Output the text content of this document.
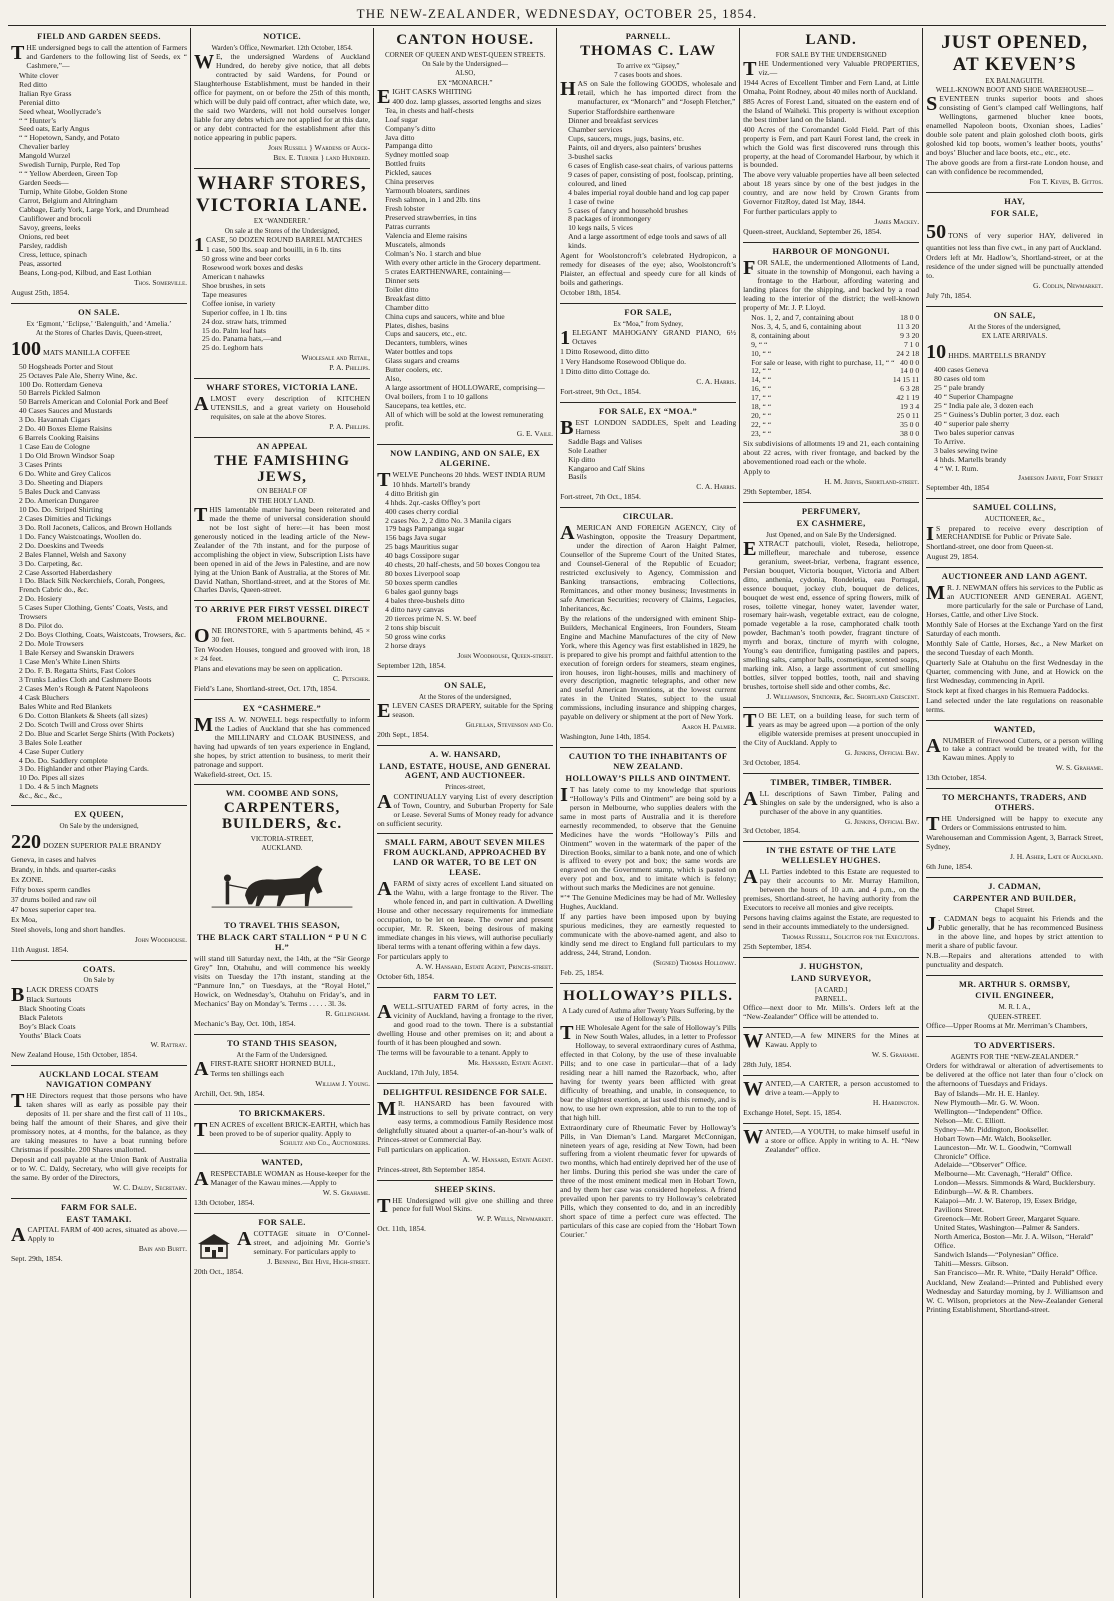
THE NEW-ZEALANDER, WEDNESDAY, OCTOBER 25, 1854.
FIELD AND GARDEN SEEDS.
THE undersigned begs to call the attention of Farmers and Gardeners to the following list of Seeds, ex “ Cashmere,”—
White clover
Red ditto
Italian Rye Grass
Perenial ditto
Seed wheat, Woollycrade’s
“ “ Hunter’s
Seed oats, Early Angus
“ “ Hopetown, Sandy, and Potato
Chevalier barley
Mangold Wurzel
Swedish Turnip, Purple, Red Top
“ “ Yellow Aberdeen, Green Top
Garden Seeds—
Turnip, White Globe, Golden Stone
Carrot, Belgium and Altringham
Cabbage, Early York, Large York, and Drumhead
Cauliflower and brocoli
Savoy, greens, leeks
Onions, red beet
Parsley, raddish
Cress, lettuce, spinach
Peas, assorted
Beans, Long-pod, Kilbud, and East Lothian
Thos. Somerville.
August 25th, 1854.
ON SALE.
Ex ‘Egmont,’ ‘Eclipse,’ ‘Balenguith,’ and ‘Amelia.’
At the Stores of Charles Davis, Queen-street,
100 MATS MANILLA COFFEE
50 Hogsheads Porter and Stout
25 Octaves Pale Ale, Sherry Wine, &c.
100 Do. Rotterdam Geneva
50 Barrels Pickled Salmon
50 Barrels American and Colonial Pork and Beef
40 Cases Sauces and Mustards
3 Do. Havannah Cigars
2 Do. 40 Boxes Eleme Raisins
6 Barrels Cooking Raisins
1 Case Eau de Cologne
1 Do Old Brown Windsor Soap
3 Cases Prints
6 Do. White and Grey Calicos
3 Do. Sheeting and Diapers
5 Bales Duck and Canvass
2 Do. American Dungaree
10 Do. Do. Striped Shirting
2 Cases Dimities and Tickings
3 Do. Roll Jaconets, Calicos, and Brown Hollands
1 Do. Fancy Waistcoatings, Woollen do.
2 Do. Doeskins and Tweeds
2 Bales Flannel, Welsh and Saxony
3 Do. Carpeting, &c.
2 Case Assorted Haberdashery
1 Do. Black Silk Neckerchiefs, Corah, Pongees, French Cabric do., &c.
2 Do. Hosiery
5 Cases Super Clothing, Gents’ Coats, Vests, and Trowsers
8 Do. Pilot do.
2 Do. Boys Clothing, Coats, Waistcoats, Trowsers, &c.
2 Do. Mole Trowsers
1 Bale Kersey and Swanskin Drawers
1 Case Men’s White Linen Shirts
2 Do. F. B. Regatta Shirts, Fast Colors
3 Trunks Ladies Cloth and Cashmere Boots
2 Cases Men’s Rough & Patent Napoleons
4 Cask Bluchers
Bales White and Red Blankets
6 Do. Cotton Blankets & Sheets (all sizes)
2 Do. Scotch Twill and Cross over Shirts
2 Do. Blue and Scarlet Serge Shirts (With Pockets)
3 Bales Sole Leather
4 Case Super Cutlery
4 Do. Do. Saddlery complete
3 Do. Highlander and other Playing Cards.
10 Do. Pipes all sizes
1 Do. 4 & 5 inch Magnets
&c., &c., &c.,
EX QUEEN,
On Sale by the undersigned,
220 DOZEN SUPERIOR PALE BRANDY
Geneva, in cases and halves
Brandy, in hhds. and quarter-casks
Ex ZONE.
Fifty boxes sperm candles
37 drums boiled and raw oil
47 boxes superior caper tea.
Ex Moa,
Steel shovels, long and short handles.
John Woodhouse.
11th August. 1854.
COATS.
On Sale by
BLACK DRESS COATS
Black Surtouts
Black Shooting Coats
Black Paletots
Boy’s Black Coats
Youths’ Black Coats
W. Rattray.
New Zealand House, 15th October, 1854.
AUCKLAND LOCAL STEAM NAVIGATION COMPANY
THE Directors request that those persons who have taken shares will as early as possible pay their deposits of 1l. per share and the first call of 1l 10s., being half the amount of their Shares, and give their promissory notes, at 4 months, for the balance, as they are taking measures to have a boat running before Christmas if possible. 200 Shares unallotted.
Deposit and call payable at the Union Bank of Australia or to W. C. Daldy, Secretary, who will give receipts for the same. By order of the Directors,
W. C. Daldy, Secretary.
FARM FOR SALE.
EAST TAMAKI.
ACAPITAL FARM of 400 acres, situated as above.—Apply to
Bain and Burtt.
Sept. 29th, 1854.
NOTICE.
Warden’s Office, Newmarket. 12th October, 1854.
W E, the undersigned Wardens of Auckland Hundred, do hereby give notice, that all debts contracted by said Wardens, for Pound or Slaughterhouse Establishment, must be handed in their office for payment, on or before the 25th of this month, which will be duly paid off contract, after which date, we, the said two Wardens, will not hold ourselves longer liable for any debts which are not applied for at this date, or any debt contracted for the establishment after this notice appearing in public papers.
John Russell } Wardens of Auck-
Ben. E. Turner } land Hundred.
WHARF STORES,
VICTORIA LANE.
EX ‘WANDERER.’
On sale at the Stores of the Undersigned,
1 CASE, 50 DOZEN ROUND BARREL MATCHES
1 case, 500 lbs. soap and bouilli, in 6 lb. tins
50 gross wine and beer corks
Rosewood work boxes and desks
American t nahawks
Shoe brushes, in sets
Tape measures
Coffee ionise, in variety
Superior coffee, in 1 lb. tins
24 doz. straw hats, trimmed
15 do. Palm leaf hats
25 do. Panama hats,—and
25 do. Leghorn hats
Wholesale and Retail,
P. A. Phillips.
WHARF STORES, VICTORIA LANE.
ALMOST every description of KITCHEN UTENSILS, and a great variety on Household requisites, on sale at the above Stores.
P. A. Phillips.
AN APPEAL
THE FAMISHING JEWS,
ON BEHALF OF
IN THE HOLY LAND.
THIS lamentable matter having been reiterated and made the theme of universal consideration should not be lost sight of here:—it has been most generously noticed in the leading article of the New-Zealander of the 7th instant, and for the purpose of accomplishing the object in view, Subscription Lists have been opened in aid of the Jews in Palestine, and are now lying at the Union Bank of Australia, at the Stores of Mr. David Nathan, Shortland-street, and at the Stores of Mr. Charles Davis, Queen-street.
TO ARRIVE PER FIRST VESSEL DIRECT FROM MELBOURNE.
ONE IRONSTORE, with 5 apartments behind, 45 × 30 feet.
Ten Wooden Houses, tongued and grooved with iron, 18 × 24 feet.
Plans and elevations may be seen on application.
C. Petscher.
Field’s Lane, Shortland-street, Oct. 17th, 1854.
EX “CASHMERE.”
MISS A. W. NOWELL begs respectfully to inform the Ladies of Auckland that she has commenced the MILLINARY and CLOAK BUSINESS, and having had upwards of ten years experience in England, she hopes, by strict attention to business, to merit their patronage and support.
Wakefield-street, Oct. 15.
WM. COOMBE AND SONS,
CARPENTERS, BUILDERS, &c.
VICTORIA-STREET,
AUCKLAND.
TO TRAVEL THIS SEASON,
THE BLACK CART STALLION “ P U N C H.”
will stand till Saturday next, the 14th, at the “Sir George Grey” Inn, Otahuhu, and will commence his weekly visits on Tuesday the 17th instant, standing at the “Panmure Inn,” on Tuesdays, at the “Royal Hotel,” Howick, on Wednesday’s, Otahuhu on Friday’s, and in Mechanics’ Bay on Monday’s. Terms . . . . . 3l. 3s.
R. Gillingham.
Mechanic’s Bay, Oct. 10th, 1854.
TO STAND THIS SEASON,
At the Farm of the Undersigned.
AFIRST-RATE SHORT HORNED BULL,
Terms ten shillings each
William J. Young.
Archill, Oct. 9th, 1854.
TO BRICKMAKERS.
TEN ACRES of excellent BRICK-EARTH, which has been proved to be of superior quality. Apply to
Schultz and Co., Auctioneers.
WANTED,
ARESPECTABLE WOMAN as House-keeper for the Manager of the Kawau mines.—Apply to
W. S. Grahame.
13th October, 1854.
FOR SALE.
ACOTTAGE situate in O’Connel-street, and adjoining Mr. Gorrie’s seminary. For particulars apply to
J. Benning, Bee Hive, High-street.
20th Oct., 1854.
CANTON HOUSE.
CORNER OF QUEEN AND WEST-QUEEN STREETS.
On Sale by the Undersigned—
ALSO,
EX “MONARCH.”
EIGHT CASKS WHITING
400 doz. lamp glasses, assorted lengths and sizes
Tea, in chests and half-chests
Loaf sugar
Company’s ditto
Java ditto
Pampanga ditto
Sydney mottled soap
Bottled fruits
Pickled, sauces
China preserves
Yarmouth bloaters, sardines
Fresh salmon, in 1 and 2lb. tins
Fresh lobster
Preserved strawberries, in tins
Patras currants
Valencia and Eleme raisins
Muscatels, almonds
Colman’s No. 1 starch and blue
With every other article in the Grocery department.
5 crates EARTHENWARE, containing—
Dinner sets
Toilet ditto
Breakfast ditto
Chamber ditto
China cups and saucers, white and blue
Plates, dishes, basins
Cups and saucers, etc., etc.
Decanters, tumblers, wines
Water bottles and tops
Glass sugars and creams
Butter coolers, etc.
Also,
A large assortment of HOLLOWARE, comprising—
Oval boilers, from 1 to 10 gallons
Saucepans, tea kettles, etc.
All of which will be sold at the lowest remunerating profit.
G. E. Vaile.
NOW LANDING, AND ON SALE, EX ALGERINE.
TWELVE Puncheons 20 hhds. WEST INDIA RUM
10 hhds. Martell’s brandy
4 ditto British gin
4 hhds. 2qr.-casks Offley’s port
400 cases cherry cordial
2 cases No. 2, 2 ditto No. 3 Manila cigars
179 bags Pampanga sugar
156 bags Java sugar
25 bags Mauritius sugar
40 bags Cossipore sugar
40 chests, 20 half-chests, and 50 boxes Congou tea
80 boxes Liverpool soap
50 boxes sperm candles
6 bales gaol gunny bags
4 bales three-bushels ditto
4 ditto navy canvas
20 tierces prime N. S. W. beef
2 tons ship biscuit
50 gross wine corks
2 horse drays
John Woodhouse, Queen-street.
September 12th, 1854.
ON SALE,
At the Stores of the undersigned,
ELEVEN CASES DRAPERY, suitable for the Spring season.
Gilfillan, Stevenson and Co.
20th Sept., 1854.
A. W. HANSARD,
LAND, ESTATE, HOUSE, AND GENERAL AGENT, AND AUCTIONEER.
Princes-street,
ACONTINUALLY varying List of every description of Town, Country, and Suburban Property for Sale or Lease. Several Sums of Money ready for advance on sufficient security.
SMALL FARM, ABOUT SEVEN MILES FROM AUCKLAND, APPROACHED BY LAND OR WATER, TO BE LET ON LEASE.
AFARM of sixty acres of excellent Land situated on the Wahu, with a large frontage to the River. The whole fenced in, and part in cultivation. A Dwelling House and other necessary requirements for immediate occupation, to be let on lease. The owner and present occupier, Mr. R. Skeen, being desirous of making immediate changes in his views, will authorise peculiarly liberal terms with a tenant offering within a few days.
For particulars apply to
A. W. Hansard, Estate Agent, Princes-street.
October 6th, 1854.
FARM TO LET.
AWELL-SITUATED FARM of forty acres, in the vicinity of Auckland, having a frontage to the river, and good road to the town. There is a substantial dwelling House and other premises on it; and about a fourth of it has been ploughed and sown.
The terms will be favourable to a tenant. Apply to
Mr. Hansard, Estate Agent.
Auckland, 17th July, 1854.
DELIGHTFUL RESIDENCE FOR SALE.
M R. HANSARD has been favoured with instructions to sell by private contract, on very easy terms, a commodious Family Residence most delightfully situated about a quarter-of-an-hour’s walk of Princes-street or Commercial Bay.
Full particulars on application.
A. W. Hansard, Estate Agent.
Princes-street, 8th September 1854.
SHEEP SKINS.
THE Undersigned will give one shilling and three pence for full Wool Skins.
W. P. Wells, Newmarket.
Oct. 11th, 1854.
PARNELL.
THOMAS C. LAW
To arrive ex “Gipsey,”
7 cases boots and shoes.
HAS on Sale the following GOODS, wholesale and retail, which he has imported direct from the manufacturer, ex “Monarch” and “Joseph Fletcher,”
Superior Staffordshire earthenware
Dinner and breakfast services
Chamber services
Cups, saucers, mugs, jugs, basins, etc.
Paints, oil and dryers, also painters’ brushes
3-bushel sacks
6 cases of English case-seat chairs, of various patterns
9 cases of paper, consisting of post, foolscap, printing, coloured, and lined
4 bales imperial royal double hand and log cap paper
1 case of twine
5 cases of fancy and household brushes
8 packages of ironmongery
10 kegs nails, 5 vices
And a large assortment of edge tools and saws of all kinds.
Agent for Woolstoncroft’s celebrated Hydropicon, a remedy for diseases of the eye; also, Woolstoncroft’s Plaister, an effectual and speedy cure for all kinds of boils and gatherings.
October 18th, 1854.
FOR SALE,
Ex “Moa,” from Sydney,
1 ELEGANT MAHOGANY GRAND PIANO, 6½ Octaves
1 Ditto Rosewood, ditto ditto
1 Very Handsome Rosewood Oblique do.
1 Ditto ditto ditto Cottage do.
C. A. Harris.
Fort-street, 9th Oct., 1854.
FOR SALE, EX “MOA.”
BEST LONDON SADDLES, Spelt and Leading Harness
Saddle Bags and Valises
Sole Leather
Kip ditto
Kangaroo and Calf Skins
Basils
C. A. Harris.
Fort-street, 7th Oct., 1854.
CIRCULAR.
AMERICAN AND FOREIGN AGENCY, City of Washington, opposite the Treasury Department, under the direction of Aaron Haight Palmer, Counsellor of the Supreme Court of the United States, and Counsel-General of the Republic of Ecuador; restricted exclusively to Agency, Commission and Banking transactions, embracing Collections, Remittances, and other money business; Investments in safe American Securities; recovery of Claims, Legacies, Inheritances, &c.
By the relations of the undersigned with eminent Ship-Builders, Mechanical Engineers, Iron Founders, Steam Engine and Machine Manufactures of the city of New York, where this Agency was first established in 1829, he is prepared to give his prompt and faithful attention to the execution of foreign orders for steamers, steam engines, iron houses, iron light-houses, mills and machinery of every description, magnetic telegraphs, and other new and useful American Inventions, at the lowest current rates in the United States, subject to the usual commissions, including insurance and shipping charges, payable on delivery or shipment at the port of New York.
Aaron H. Palmer.
Washington, June 14th, 1854.
CAUTION TO THE INHABITANTS OF NEW ZEALAND.
HOLLOWAY’S PILLS AND OINTMENT.
I T has lately come to my knowledge that spurious “Holloway’s Pills and Ointment” are being sold by a person in Melbourne, who supplies dealers with the same in most parts of Australia and it is therefore earnestly recommended, to observe that the Genuine Medicines have the words “Holloway’s Pills and Ointment” woven in the watermark of the paper of the Direction Books, similar to a bank note, and one of which is affixed to every pot and box; the same words are engraved on the Government stamp, which is pasted on every pot and box, and to imitate which is felony; without such marks the Medicines are not genuine.
*’* The Genuine Medicines may be had of Mr. Wellesley Hughes, Auckland.
If any parties have been imposed upon by buying spurious medicines, they are earnestly requested to communicate with the above-named agent, and also to kindly send me direct to England full particulars to my address, 244, Strand, London.
(Signed) Thomas Holloway.
Feb. 25, 1854.
HOLLOWAY’S PILLS.
A Lady cured of Asthma after Twenty Years Suffering, by the use of Holloway’s Pills.
THE Wholesale Agent for the sale of Holloway’s Pills in New South Wales, alludes, in a letter to Professor Holloway, to several extraordinary cures of Asthma, effected in that Colony, by the use of these invaluable Pills; and to one case in particular—that of a lady residing near a hill named the Razorback, who, after having for twenty years been afflicted with great difficulty of breathing, and unable, in consequence, to bear the slightest exertion, at last used this remedy, and is now, to use her own expression, able to run to the top of that high hill.
Extraordinary cure of Rheumatic Fever by Holloway’s Pills, in Van Dieman’s Land. Margaret McConnigan, nineteen years of age, residing at New Town, had been suffering from a violent rheumatic fever for upwards of two months, which had entirely deprived her of the use of her limbs. During this period she was under the care of three of the most eminent medical men in Hobart Town, and by them her case was considered hopeless. A friend prevailed upon her parents to try Holloway’s celebrated Pills, which they consented to do, and in an incredibly short space of time a perfect cure was effected. The particulars of this case are copied from the ‘Hobart Town Courier.’
LAND.
FOR SALE BY THE UNDERSIGNED
THE Undermentioned very Valuable PROPERTIES, viz.—
1944 Acres of Excellent Timber and Fern Land, at Little Omaha, Point Rodney, about 40 miles north of Auckland.
885 Acres of Forest Land, situated on the eastern end of the Island of Waiheki. This property is without exception the best timber land on the Island.
400 Acres of the Coromandel Gold Field. Part of this property is Fern, and part Kauri Forest land, the creek in which the Gold was first discovered runs through this property, at the head of Coromandel Harbour, by which it is bounded.
The above very valuable properties have all been selected about 18 years since by one of the best judges in the country, and are now held by Crown Grants from Governor FitzRoy, dated 1st May, 1844.
For further particulars apply to
James Mackey.
Queen-street, Auckland, September 26, 1854.
HARBOUR OF MONGONUI.
FOR SALE, the undermentioned Allotments of Land, situate in the township of Mongonui, each having a frontage to the Harbour, affording watering and landing places for the shipping, and backed by a road leading to the interior of the district; the well-known property of Mr. J. P. Lloyd.
Nos. 1, 2, and 7, containing about	18 0 0
Nos. 3, 4, 5, and 6, containing about	11 3 20
8, containing about	9 3 20
9, “ “	7 1 0
10, “ “	24 2 18
For sale or lease, with right to purchase, 11, “ “ 40 0 0
12, “ “	14 0 0
14, “ “	14 15 11
16, “ “	6 3 28
17, “ “	42 1 19
18, “ “	19 3 4
20, “ “	25 0 11
22, “ “	35 0 0
23, “ “	38 0 0
Six subdivisions of allotments 19 and 21, each containing about 22 acres, with river frontage, and backed by the abovementioned road each or the whole.
Apply to
H. M. Jervis, Shortland-street.
29th September, 1854.
PERFUMERY,
EX CASHMERE,
Just Opened, and on Sale By the Undersigned.
EXTRACT patchouli, violet, Reseda, heliotrope, millefleur, marechale and tuberose, essence geranium, sweet-briar, verbena, fragrant essence, Persian bouquet, Victoria bouquet, Victoria and Albert ditto, anthenia, cydonia, Rondeletia, eau Portugal, essence bouquet, jockey club, bouquet de delices, bouquet de west end, essence of spring flowers, milk of roses, toilette vinegar, honey water, lavender water, rosemary hair-wash, vegetable extract, eau de cologne, pomade vegetable a la rose, camphorated chalk tooth powder, Bachman’s tooth powder, fragrant tincture of myrrh and borax, tincture of myrrh with cologne, Young’s eau dentrifice, fumigating pastiles and papers, smelling salts, camphor balls, cosmetique, scented soaps, marking ink. Also, a large assortment of cut smelling bottles, silver topped bottles, tooth, nail and shaving brushes, tortoise shell side and other combs, &c.
J. Williamson, Stationer, &c. Shortland Crescent.
T O BE LET, on a building lease, for such term of years as may be agreed upon —a portion of the only eligible waterside premises at present unoccupied in the City of Auckland. Apply to
G. Jenkins, Official Bay.
3rd October, 1854.
TIMBER, TIMBER, TIMBER.
ALL descriptions of Sawn Timber, Paling and Shingles on sale by the undersigned, who is also a purchaser of the above in any quantities.
G. Jenkins, Official Bay.
3rd October, 1854.
IN THE ESTATE OF THE LATE WELLESLEY HUGHES.
ALL Parties indebted to this Estate are requested to pay their accounts to Mr. Murray Hamilton, between the hours of 10 a.m. and 4 p.m., on the premises, Shortland-street, he having authority from the Executors to receive all monies and give receipts.
Persons having claims against the Estate, are requested to send in their accounts immediately to the undersigned.
Thomas Russell, Solicitor for the Executors.
25th September, 1854.
J. HUGHSTON,
LAND SURVEYOR,
[A CARD.]
PARNELL.
Office—next door to Mr. Mills’s. Orders left at the “New-Zealander” Office will be attended to.
WANTED,—A few MINERS for the Mines at Kawau. Apply to
W. S. Grahame.
28th July, 1854.
WANTED,—A CARTER, a person accustomed to drive a team.—Apply to
H. Hardington.
Exchange Hotel, Sept. 15, 1854.
WANTED,—A YOUTH, to make himself useful in a store or office. Apply in writing to A. H. “New Zealander” office.
JUST OPENED,
AT KEVEN’S
EX BALNAGUITH.
WELL-KNOWN BOOT AND SHOE WAREHOUSE—
SEVENTEEN trunks superior boots and shoes consisting of Gent’s clamped calf Wellingtons, half Wellingtons, garmened blucher knee boots, enamelled Napoleon boots, Oxonian shoes, Ladies’ double sole patent and plain goloshed cloth boots, girls goloshed kid top boots, women’s leather boots, youths’ and boys’ Blucher and lace boots, etc., etc., etc.
The above goods are from a first-rate London house, and can with confidence be recommended,
For T. Keven, B. Gittos.
HAY,
FOR SALE,
50 TONS of very superior HAY, delivered in quantities not less than five cwt., in any part of Auckland.
Orders left at Mr. Hadlow’s, Shortland-street, or at the residence of the under signed will be punctually attended to.
G. Codlin, Newmarket.
July 7th, 1854.
ON SALE,
At the Stores of the undersigned,
EX LATE ARRIVALS.
10 HHDS. MARTELLS BRANDY
400 cases Geneva
80 cases old tom
25 “ pale brandy
40 “ Superior Champagne
25 “ India pale ale, 3 dozen each
25 “ Guiness’s Dublin porter, 3 doz. each
40 “ superior pale sherry
Two bales superior canvas
To Arrive.
3 bales sewing twine
4 hhds. Martells brandy
4 “ W. I. Rum.
Jamieson Jarvie, Fort Street
September 4th, 1854
SAMUEL COLLINS,
AUCTIONEER, &c.,
I S prepared to receive every description of MERCHANDISE for Public or Private Sale.
Shortland-street, one door from Queen-st.
August 29, 1854.
AUCTIONEER AND LAND AGENT.
M R. J. NEWMAN offers his services to the Public as an AUCTIONEER AND GENERAL AGENT, more particularly for the sale or Purchase of Land, Horses, Cattle, and other Live Stock.
Monthly Sale of Horses at the Exchange Yard on the first Saturday of each month.
Monthly Sale of Cattle, Horses, &c., a New Market on the second Tuesday of each Month.
Quarterly Sale at Otahuhu on the first Wednesday in the Quarter, commencing with June, and at Howick on the first Wednesday, commencing in April.
Stock kept at fixed charges in his Remuera Paddocks.
Land selected under the late regulations on reasonable terms.
WANTED,
ANUMBER of Firewood Cutters, or a person willing to take a contract would be treated with, for the Kawau mines. Apply to
W. S. Grahame.
13th October, 1854.
TO MERCHANTS, TRADERS, AND OTHERS.
THE Undersigned will be happy to execute any Orders or Commissions entrusted to him.
Warehouseman and Commission Agent, 3, Barrack Street, Sydney,
J. H. Asher, Late of Auckland.
6th June, 1854.
J. CADMAN,
CARPENTER AND BUILDER,
Chapel Street.
J . CADMAN begs to acquaint his Friends and the Public generally, that he has recommenced Business in the above line, and hopes by strict attention to merit a share of public favour.
N.B.—Repairs and alterations attended to with punctuality and despatch.
MR. ARTHUR S. ORMSBY,
CIVIL ENGINEER,
M. R. I. A.,
QUEEN-STREET.
Office—Upper Rooms at Mr. Merriman’s Chambers,
TO ADVERTISERS.
AGENTS FOR THE “NEW-ZEALANDER.”
Orders for withdrawal or alteration of advertisements to be delivered at the office not later than four o’clock on the afternoons of Tuesdays and Fridays.
Bay of Islands—Mr. H. E. Hanley.
New Plymouth—Mr. G. W. Woon.
Wellington—“Independent” Office.
Nelson—Mr. C. Elliott.
Sydney—Mr. Piddington, Bookseller.
Hobart Town—Mr. Walch, Bookseller.
Launceston—Mr. W. L. Goodwin, “Cornwall Chronicle” Office.
Adelaide—“Observer” Office.
Melbourne—Mr. Cavenagh, “Herald” Office.
London—Messrs. Simmonds & Ward, Bucklersbury.
Edinburgh—W. & R. Chambers.
Kaiapoi—Mr. J. W. Baterop, 19, Essex Bridge, Pavilions Street.
Greenock—Mr. Robert Greer, Margaret Square.
United States, Washington—Palmer & Sanders.
North America, Boston—Mr. J. A. Wilson, “Herald” Office.
Sandwich Islands—“Polynesian” Office.
Tahiti—Messrs. Gibson.
San Francisco—Mr. R. White, “Daily Herald” Office.
Auckland, New Zealand:—Printed and Published every Wednesday and Saturday morning, by J. Williamson and W. C. Wilson, proprietors at the New-Zealander General Printing Establishment, Shortland-street.
